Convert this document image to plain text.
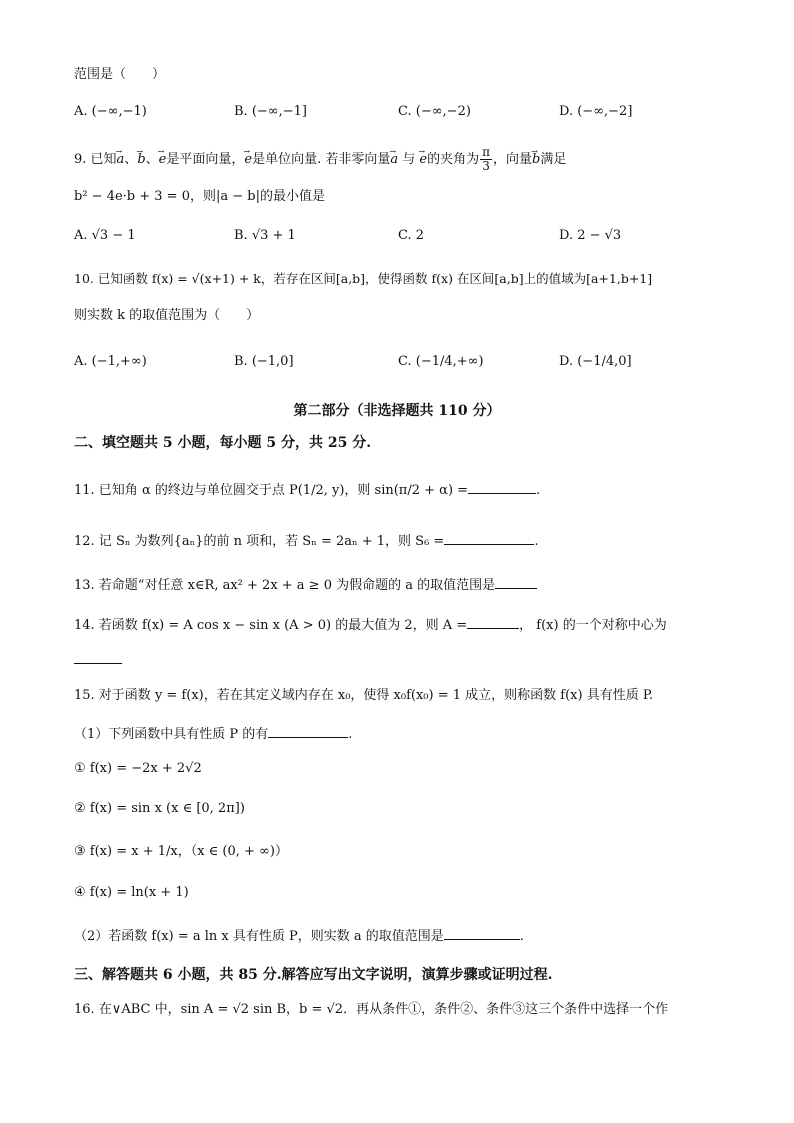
范围是（　　）
A. (−∞,−1)	B. (−∞,−1]	C. (−∞,−2)	D. (−∞,−2]
9. 已知→ a、→ b、→ e是平面向量，→ e是单位向量. 若非零向量→ a 与 → e的夹角为 $\frac{\pi}{3}$ ，向量→ b满足
b² − 4e·b + 3 = 0，则|a − b|的最小值是
A. √3 − 1	B. √3 + 1	C. 2	D. 2 − √3
10. 已知函数 f(x) = √(x+1) + k，若存在区间[a,b]，使得函数 f(x) 在区间[a,b]上的值域为[a+1,b+1]
则实数 k 的取值范围为（　　）
A. (−1,+∞)	B. (−1,0]	C. (−1/4,+∞)	D. (−1/4,0]
第二部分（非选择题共 110 分）
二、填空题共 5 小题，每小题 5 分，共 25 分.
11. 已知角 α 的终边与单位圆交于点 P(1/2, y)，则 sin(π/2 + α) =	.
12. 记 Sₙ 为数列{aₙ}的前 n 项和，若 Sₙ = 2aₙ + 1，则 S₆ =	.
13. 若命题“对任意 x∈R, ax² + 2x + a ≥ 0 为假命题的 a 的取值范围是
14. 若函数 f(x) = A cos x − sin x (A > 0) 的最大值为 2，则 A =	， f(x) 的一个对称中心为
15. 对于函数 y = f(x)，若在其定义域内存在 x₀，使得 x₀f(x₀) = 1 成立，则称函数 f(x) 具有性质 P.
（1）下列函数中具有性质 P 的有	.
① f(x) = −2x + 2√2
② f(x) = sin x (x ∈ [0, 2π])
③ f(x) = x + 1/x，（x ∈ (0, + ∞)）
④ f(x) = ln(x + 1)
（2）若函数 f(x) = a ln x 具有性质 P，则实数 a 的取值范围是	.
三、解答题共 6 小题，共 85 分.解答应写出文字说明，演算步骤或证明过程.
16. 在∨ABC 中，sin A = √2 sin B，b = √2．再从条件①，条件②、条件③这三个条件中选择一个作
